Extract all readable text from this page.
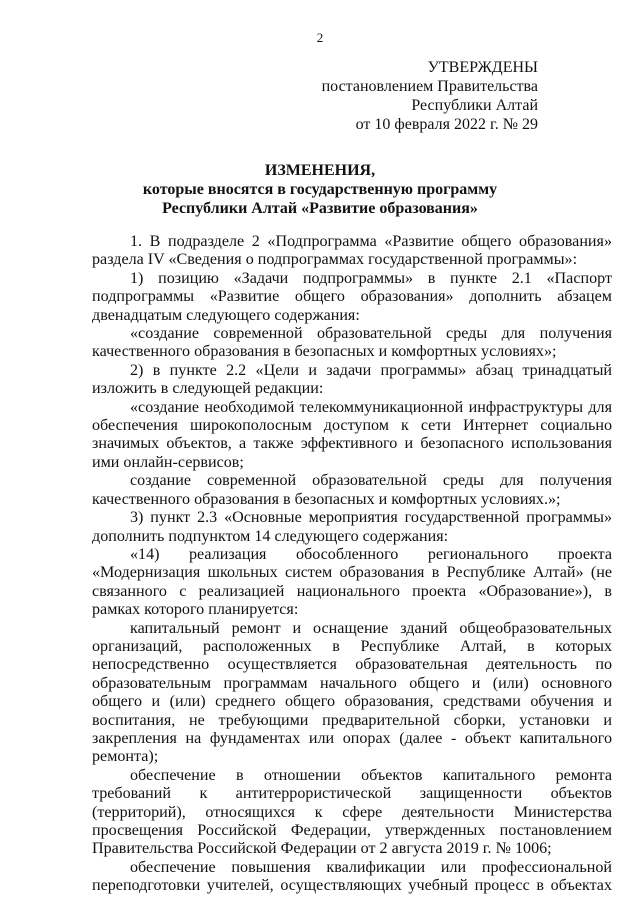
2
УТВЕРЖДЕНЫ
постановлением Правительства
Республики Алтай
от 10 февраля 2022 г. № 29
ИЗМЕНЕНИЯ,
которые вносятся в государственную программу
Республики Алтай «Развитие образования»

1. В подразделе 2 «Подпрограмма «Развитие общего образования» раздела IV «Сведения о подпрограммах государственной программы»:

1) позицию «Задачи подпрограммы» в пункте 2.1 «Паспорт подпрограммы «Развитие общего образования» дополнить абзацем двенадцатым следующего содержания:

«создание современной образовательной среды для получения качественного образования в безопасных и комфортных условиях»;

2) в пункте 2.2 «Цели и задачи программы» абзац тринадцатый изложить в следующей редакции:

«создание необходимой телекоммуникационной инфраструктуры для обеспечения широкополосным доступом к сети Интернет социально значимых объектов, а также эффективного и безопасного использования ими онлайн-сервисов;

создание современной образовательной среды для получения качественного образования в безопасных и комфортных условиях.»;

3) пункт 2.3 «Основные мероприятия государственной программы» дополнить подпунктом 14 следующего содержания:

«14) реализация обособленного регионального проекта «Модернизация школьных систем образования в Республике Алтай» (не связанного с реализацией национального проекта «Образование»), в рамках которого планируется:

капитальный ремонт и оснащение зданий общеобразовательных организаций, расположенных в Республике Алтай, в которых непосредственно осуществляется образовательная деятельность по образовательным программам начального общего и (или) основного общего и (или) среднего общего образования, средствами обучения и воспитания, не требующими предварительной сборки, установки и закрепления на фундаментах или опорах (далее - объект капитального ремонта);

обеспечение в отношении объектов капитального ремонта требований к антитеррористической защищенности объектов (территорий), относящихся к сфере деятельности Министерства просвещения Российской Федерации, утвержденных постановлением Правительства Российской Федерации от 2 августа 2019 г. № 1006;

обеспечение повышения квалификации или профессиональной переподготовки учителей, осуществляющих учебный процесс в объектах
